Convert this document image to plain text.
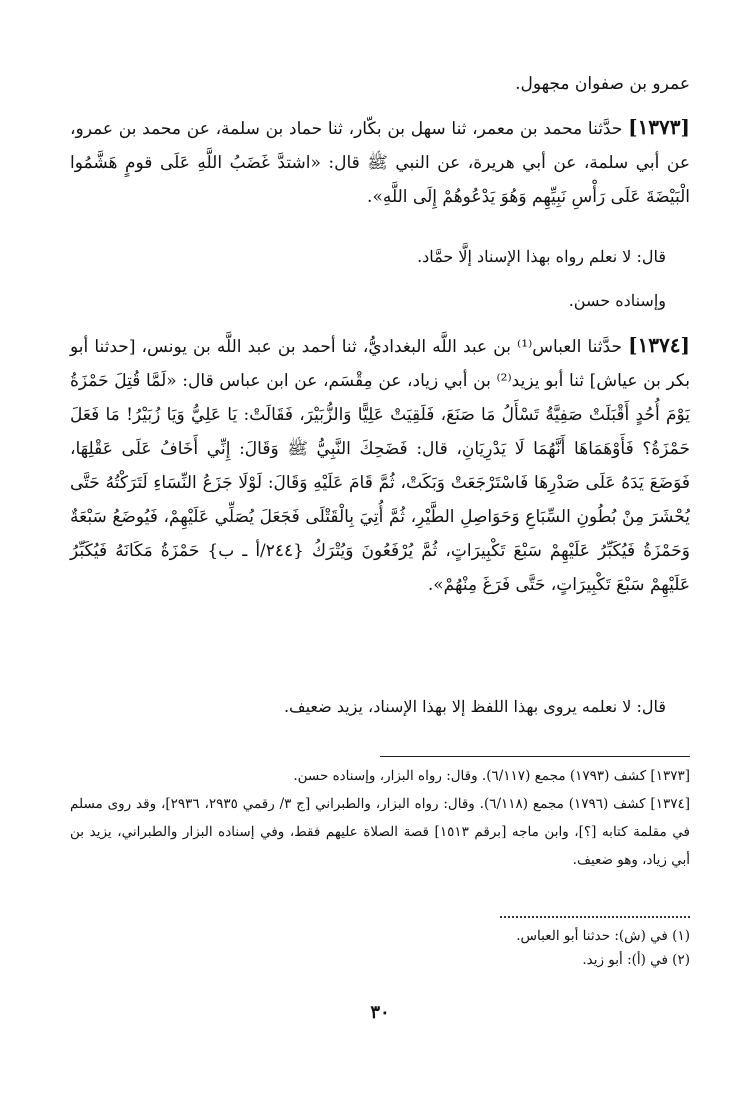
عمرو بن صفوان مجهول.

[١٣٧٣] حدَّثنا محمد بن معمر، ثنا سهل بن بكّار، ثنا حماد بن سلمة، عن محمد بن عمرو، عن أبي سلمة، عن أبي هريرة، عن النبي ﷺ قال: «اشتدَّ غَضَبُ اللَّهِ عَلَى قومٍ هَشَّمُوا الْبَيْضَةَ عَلَى رَأْسِ نَبِيِّهِم وَهُوَ يَدْعُوهُمْ إِلَى اللَّهِ».

قال: لا نعلم رواه بهذا الإسناد إلَّا حمَّاد.
وإسناده حسن.

[١٣٧٤] حدَّثنا العباس⁽¹⁾ بن عبد اللَّه البغداديُّ، ثنا أحمد بن عبد اللَّه بن يونس، [حدثنا أبو بكر بن عياش] ثنا أبو يزيد⁽²⁾ بن أبي زياد، عن مِقْسَم، عن ابن عباس قال: «لَمَّا قُتِلَ حَمْزَةُ يَوْمَ أُحُدٍ أَقْبَلَتْ صَفِيَّةُ تَسْأَلُ مَا صَنَعَ، فَلَقِيَتْ عَلِيًّا وَالزُّبَيْرَ، فَقَالَتْ: يَا عَلِيُّ وَيَا زُبَيْرُ! مَا فَعَلَ حَمْزَةُ؟ فَأَوْهَمَاهَا أَنَّهُمَا لَا يَدْرِيَانِ، قال: فَضَحِكَ النَّبِيُّ ﷺ وَقَالَ: إِنِّي أَخَافُ عَلَى عَقْلِهَا، فَوَضَعَ يَدَهُ عَلَى صَدْرِهَا فَاسْتَرْجَعَتْ وَبَكَتْ، ثُمَّ قَامَ عَلَيْهِ وَقَالَ: لَوْلَا جَزَعُ النِّسَاءِ لَتَرَكْتُهُ حَتَّى يُحْشَرَ مِنْ بُطُونِ السِّبَاعِ وَحَوَاصِلِ الطَّيْرِ، ثُمَّ أُتِيَ بِالْقَتْلَى فَجَعَلَ يُصَلِّي عَلَيْهِمْ، فَيُوضَعُ سَبْعَةٌ وَحَمْزَةُ فَيُكَبِّرُ عَلَيْهِمْ سَبْعَ تَكْبِيرَاتٍ، ثُمَّ يُرْفَعُونَ وَيُتْرَكُ {٢٤٤/أ ـ ب} حَمْزَةُ مَكَانَهُ فَيُكَبِّرُ عَلَيْهِمْ سَبْعَ تَكْبِيرَاتٍ، حَتَّى فَرَغَ مِنْهُمْ».

قال: لا نعلمه يروى بهذا اللفظ إلا بهذا الإسناد، يزيد ضعيف.
[١٣٧٣] كشف (١٧٩٣) مجمع (٦/١١٧). وقال: رواه البزار، وإسناده حسن.
[١٣٧٤] كشف (١٧٩٦) مجمع (٦/١١٨). وقال: رواه البزار، والطبراني [ج ٣/ رقمي ٢٩٣٥، ٢٩٣٦]، وقد روى مسلم في مقلمة كتابه [؟]، وابن ماجه [برقم ١٥١٣] قصة الصلاة عليهم فقط، وفي إسناده البزار والطبراني، يزيد بن أبي زياد، وهو ضعيف.
(١) في (ش): حدثنا أبو العباس.
(٢) في (أ): أبو زيد.
٣٠
